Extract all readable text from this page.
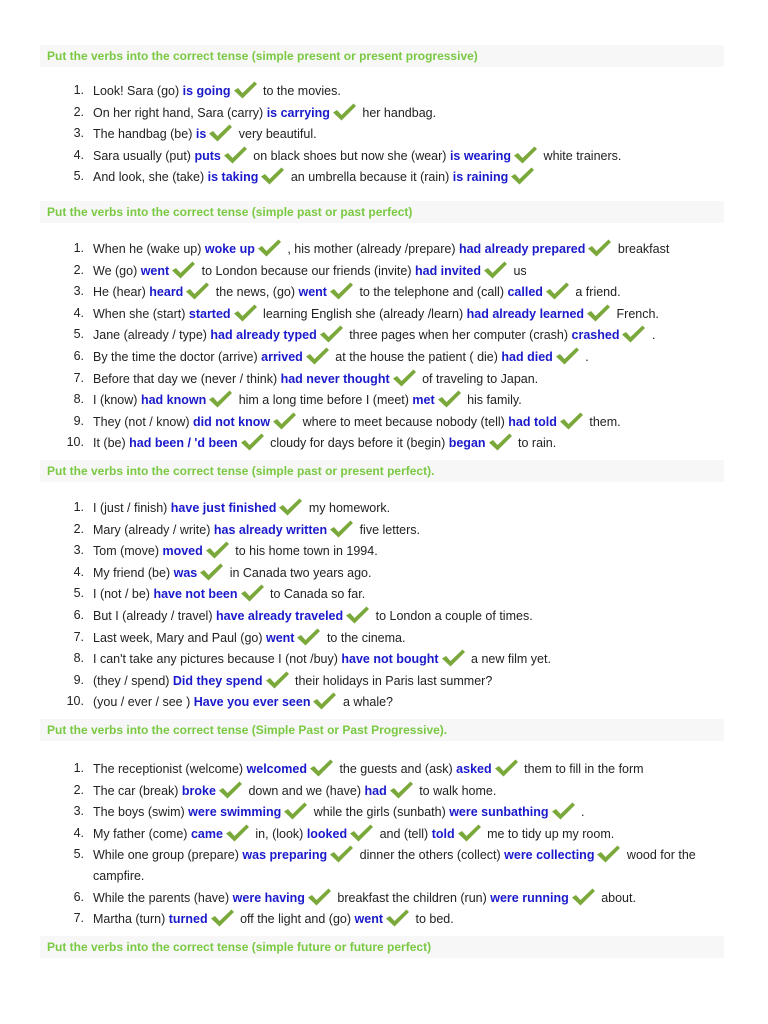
Put the verbs into the correct tense (simple present or present progressive)
1. Look! Sara (go) is going
to the movies.
2. On her right hand, Sara (carry) is carrying
her handbag.
3. The handbag (be) is
very beautiful.
4. Sara usually (put) puts
on black shoes but now she (wear) is wearing
white trainers.
5. And look, she (take) is taking
an umbrella because it (rain) is raining
Put the verbs into the correct tense (simple past or past perfect)
1. When he (wake up) woke up
, his mother (already /prepare) had already prepared
breakfast
2. We (go) went
to London because our friends (invite) had invited
us
3. He (hear) heard
the news, (go) went
to the telephone and (call) called
a friend.
4. When she (start) started
learning English she (already /learn) had already learned
French.
5. Jane (already / type) had already typed
three pages when her computer (crash) crashed
.
6. By the time the doctor (arrive) arrived
at the house the patient ( die) had died
.
7. Before that day we (never / think) had never thought
of traveling to Japan.
8. I (know) had known
him a long time before I (meet) met
his family.
9. They (not / know) did not know
where to meet because nobody (tell) had told
them.
10. It (be) had been / 'd been
cloudy for days before it (begin) began
to rain.
Put the verbs into the correct tense (simple past or present perfect).
1. I (just / finish) have just finished
my homework.
2. Mary (already / write) has already written
five letters.
3. Tom (move) moved
to his home town in 1994.
4. My friend (be) was
in Canada two years ago.
5. I (not / be) have not been
to Canada so far.
6. But I (already / travel) have already traveled
to London a couple of times.
7. Last week, Mary and Paul (go) went
to the cinema.
8. I can't take any pictures because I (not /buy) have not bought
a new film yet.
9. (they / spend) Did they spend
their holidays in Paris last summer?
10. (you / ever / see ) Have you ever seen
a whale?
Put the verbs into the correct tense (Simple Past or Past Progressive).
1. The receptionist (welcome) welcomed
the guests and (ask) asked
them to fill in the form
2. The car (break) broke
down and we (have) had
to walk home.
3. The boys (swim) were swimming
while the girls (sunbath) were sunbathing
.
4. My father (come) came
in, (look) looked
and (tell) told
me to tidy up my room.
5. While one group (prepare) was preparing
dinner the others (collect) were collecting
wood for the campfire.
6. While the parents (have) were having
breakfast the children (run) were running
about.
7. Martha (turn) turned
off the light and (go) went
to bed.
Put the verbs into the correct tense (simple future or future perfect)
